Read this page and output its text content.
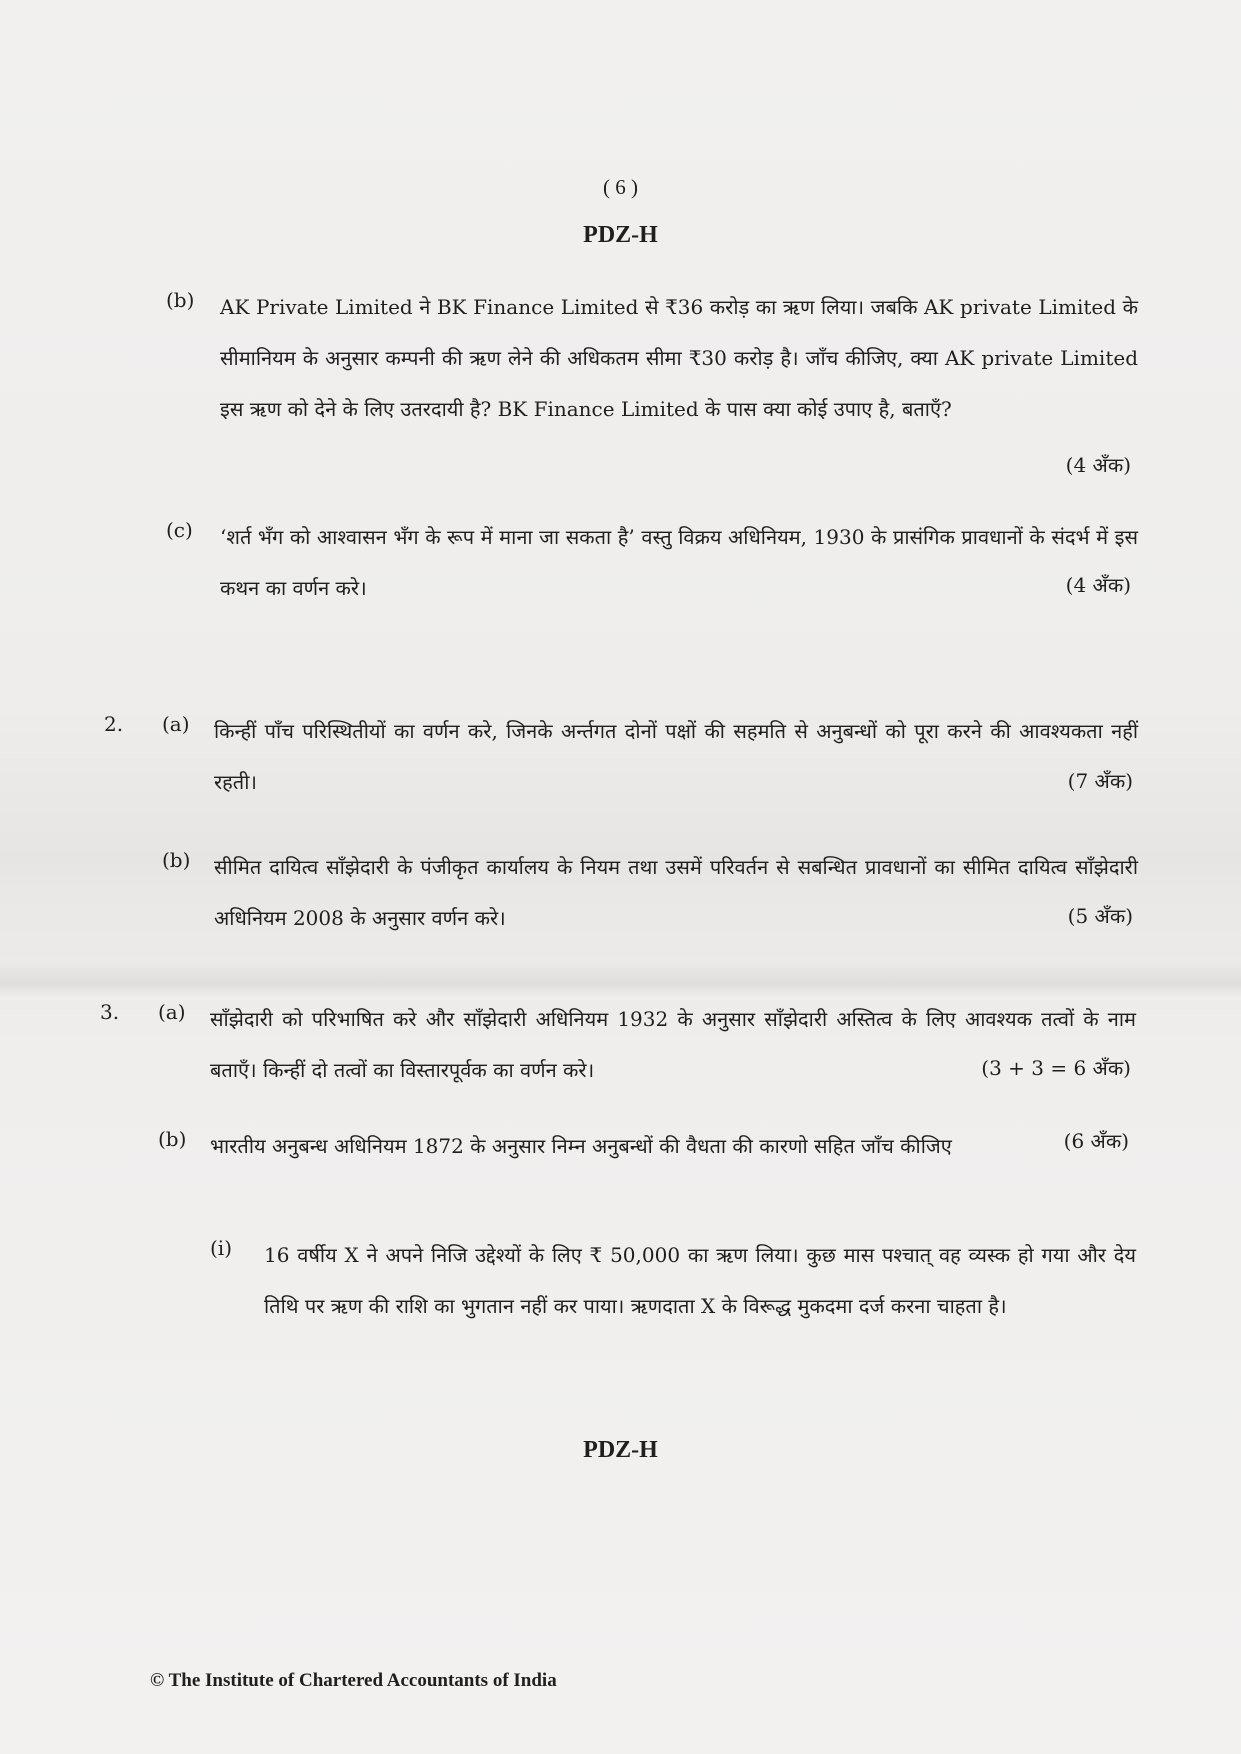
( 6 )
PDZ-H
(b) AK Private Limited ने BK Finance Limited से ₹36 करोड़ का ऋण लिया। जबकि AK private Limited के सीमानियम के अनुसार कम्पनी की ऋण लेने की अधिकतम सीमा ₹30 करोड़ है। जाँच कीजिए, क्या AK private Limited इस ऋण को देने के लिए उतरदायी है? BK Finance Limited के पास क्या कोई उपाए है, बताएँ?
(4 अँक)
(c) ‘शर्त भँग को आश्वासन भँग के रूप में माना जा सकता है’ वस्तु विक्रय अधिनियम, 1930 के प्रासंगिक प्रावधानों के संदर्भ में इस कथन का वर्णन करे।	(4 अँक)
2. (a) किन्हीं पाँच परिस्थितीयों का वर्णन करे, जिनके अर्न्तगत दोनों पक्षों की सहमति से अनुबन्धों को पूरा करने की आवश्यकता नहीं रहती।	(7 अँक)
(b) सीमित दायित्व साँझेदारी के पंजीकृत कार्यालय के नियम तथा उसमें परिवर्तन से सबन्धित प्रावधानों का सीमित दायित्व साँझेदारी अधिनियम 2008 के अनुसार वर्णन करे।	(5 अँक)
3. (a) साँझेदारी को परिभाषित करे और साँझेदारी अधिनियम 1932 के अनुसार साँझेदारी अस्तित्व के लिए आवश्यक तत्वों के नाम बताएँ। किन्हीं दो तत्वों का विस्तारपूर्वक का वर्णन करे।	(3 + 3 = 6 अँक)
(b) भारतीय अनुबन्ध अधिनियम 1872 के अनुसार निम्न अनुबन्धों की वैधता की कारणो सहित जाँच कीजिए	(6 अँक)
(i) 16 वर्षीय X ने अपने निजि उद्देश्यों के लिए ₹ 50,000 का ऋण लिया। कुछ मास पश्चात् वह व्यस्क हो गया और देय तिथि पर ऋण की राशि का भुगतान नहीं कर पाया। ऋणदाता X के विरूद्ध मुकदमा दर्ज करना चाहता है।
PDZ-H
© The Institute of Chartered Accountants of India
